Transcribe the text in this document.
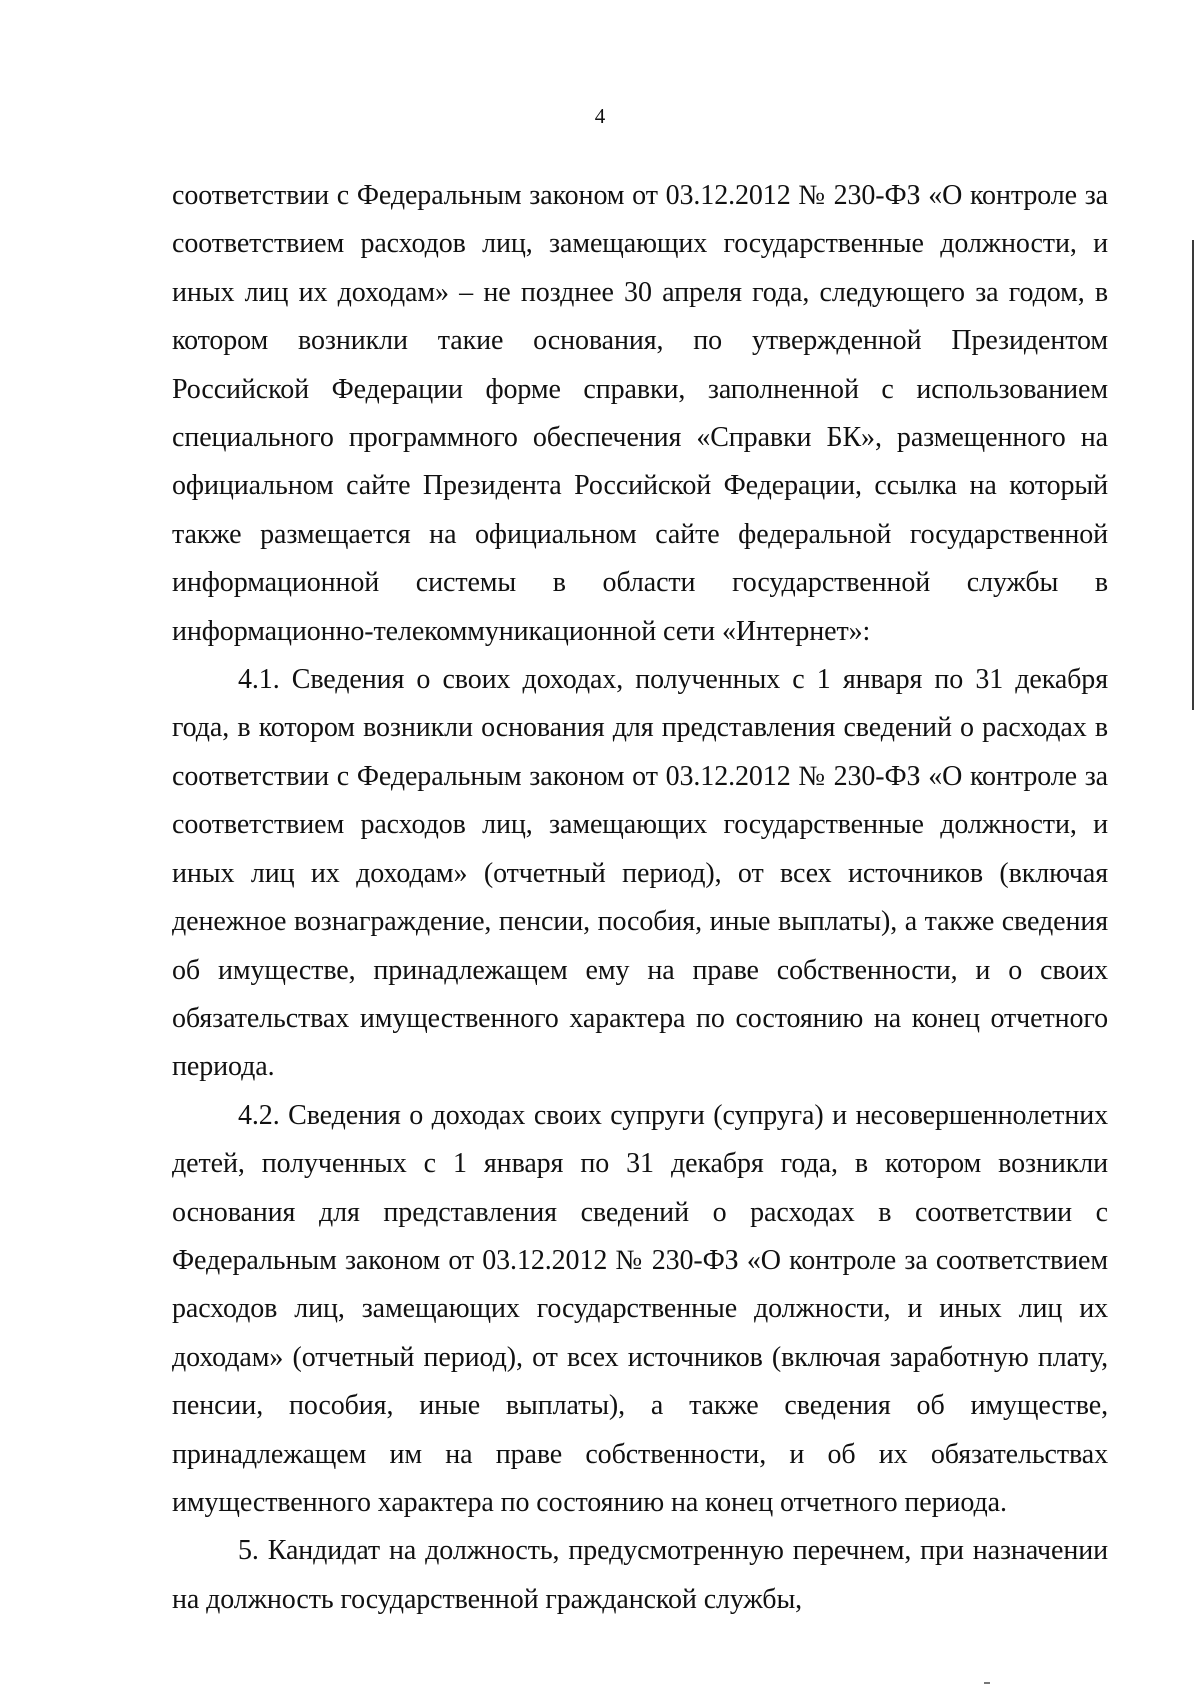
4

соответствии с Федеральным законом от 03.12.2012 № 230-ФЗ «О контроле за соответствием расходов лиц, замещающих государственные должности, и иных лиц их доходам» – не позднее 30 апреля года, следующего за годом, в котором возникли такие основания, по утвержденной Президентом Российской Федерации форме справки, заполненной с использованием специального программного обеспечения «Справки БК», размещенного на официальном сайте Президента Российской Федерации, ссылка на который также размещается на официальном сайте федеральной государственной информационной системы в области государственной службы в информационно-телекоммуникационной сети «Интернет»:

4.1. Сведения о своих доходах, полученных с 1 января по 31 декабря года, в котором возникли основания для представления сведений о расходах в соответствии с Федеральным законом от 03.12.2012 № 230-ФЗ «О контроле за соответствием расходов лиц, замещающих государственные должности, и иных лиц их доходам» (отчетный период), от всех источников (включая денежное вознаграждение, пенсии, пособия, иные выплаты), а также сведения об имуществе, принадлежащем ему на праве собственности, и о своих обязательствах имущественного характера по состоянию на конец отчетного периода.

4.2. Сведения о доходах своих супруги (супруга) и несовершеннолетних детей, полученных с 1 января по 31 декабря года, в котором возникли основания для представления сведений о расходах в соответствии с Федеральным законом от 03.12.2012 № 230-ФЗ «О контроле за соответствием расходов лиц, замещающих государственные должности, и иных лиц их доходам» (отчетный период), от всех источников (включая заработную плату, пенсии, пособия, иные выплаты), а также сведения об имуществе, принадлежащем им на праве собственности, и об их обязательствах имущественного характера по состоянию на конец отчетного периода.

5. Кандидат на должность, предусмотренную перечнем, при назначении на должность государственной гражданской службы,
